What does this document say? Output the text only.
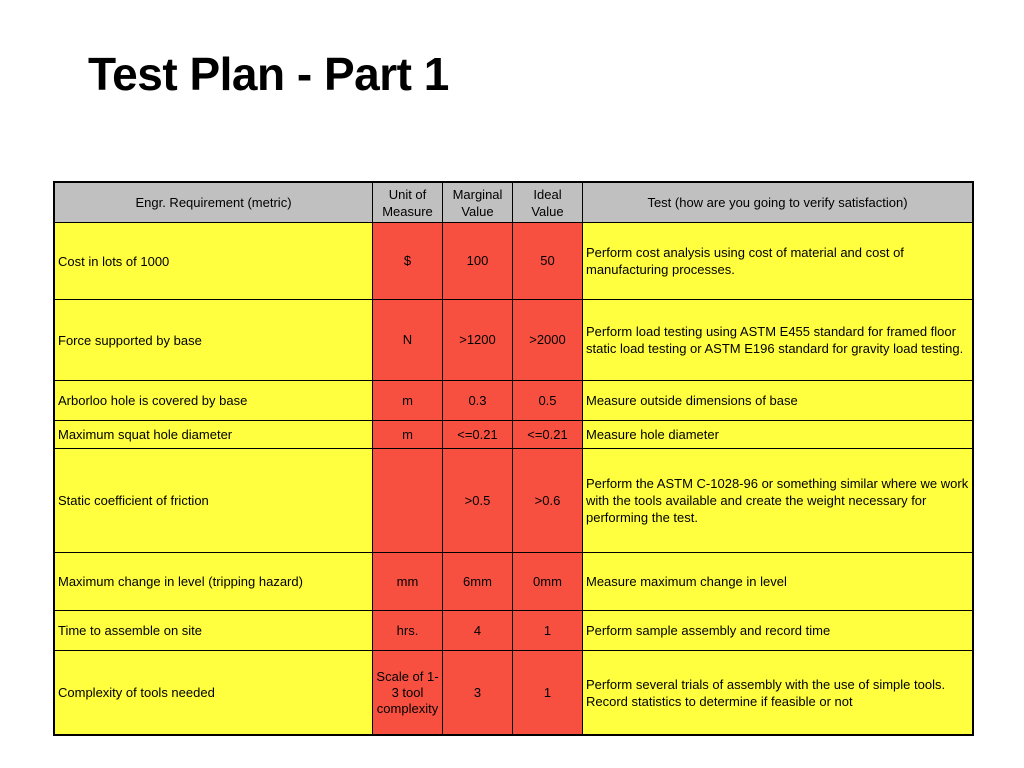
Test Plan - Part 1
Engr. Requirement (metric)	Unit of Measure	Marginal Value	Ideal Value	Test (how are you going to verify satisfaction)
Cost in lots of 1000	$	100	50	Perform cost analysis using cost of material and cost of manufacturing processes.
Force supported by base	N	>1200	>2000	Perform load testing using ASTM E455 standard for framed floor static load testing or ASTM E196 standard for gravity load testing.
Arborloo hole is covered by base	m	0.3	0.5	Measure outside dimensions of base
Maximum squat hole diameter	m	<=0.21	<=0.21	Measure hole diameter
Static coefficient of friction		>0.5	>0.6	Perform the ASTM C-1028-96 or something similar where we work with the tools available and create the weight necessary for performing the test.
Maximum change in level (tripping hazard)	mm	6mm	0mm	Measure maximum change in level
Time to assemble on site	hrs.	4	1	Perform sample assembly and record time
Complexity of tools needed	Scale of 1-3 tool complexity	3	1	Perform several trials of assembly with the use of simple tools. Record statistics to determine if feasible or not
